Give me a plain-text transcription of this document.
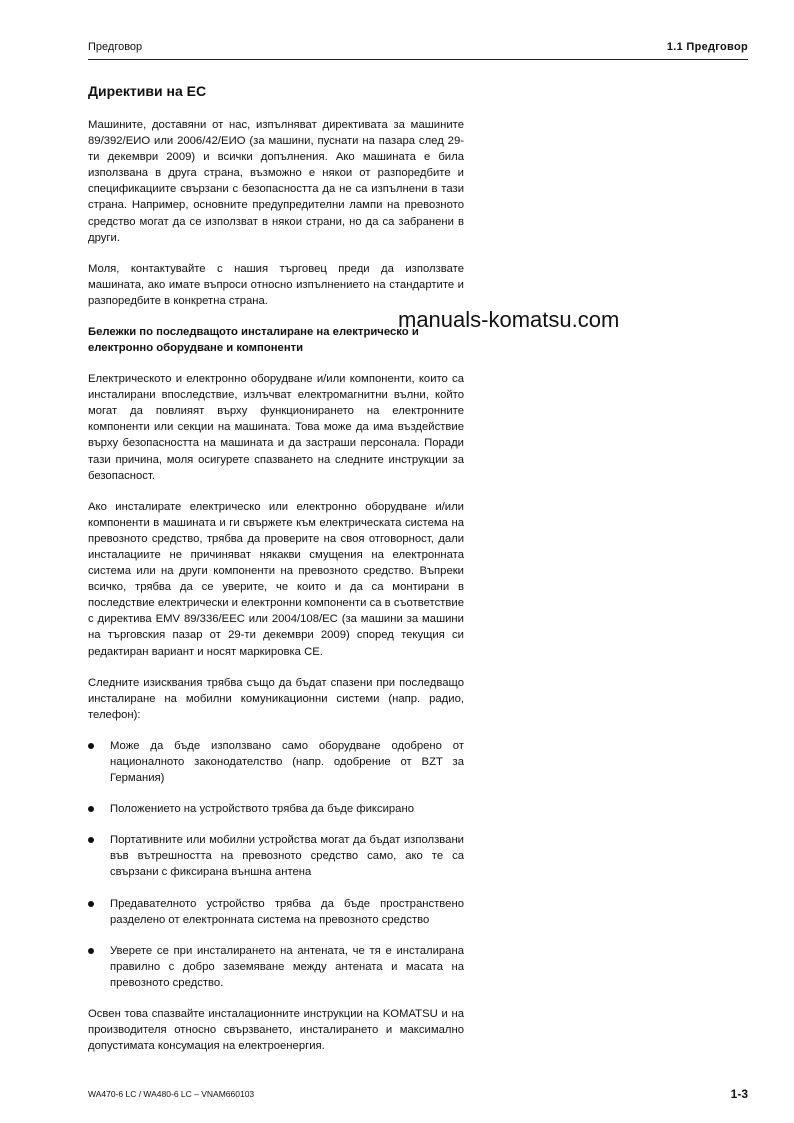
Предговор	1.1 Предговор
Директиви на ЕС

Машините, доставяни от нас, изпълняват директивата за машините 89/392/ЕИО или 2006/42/ЕИО (за машини, пуснати на пазара след 29-ти декември 2009) и всички допълнения. Ако машината е била използвана в друга страна, възможно е някои от разпоредбите и спецификациите свързани с безопасността да не са изпълнени в тази страна. Например, основните предупредителни лампи на превозното средство могат да се използват в някои страни, но да са забранени в други.

Моля, контактувайте с нашия търговец преди да използвате машината, ако имате въпроси относно изпълнението на стандартите и разпоредбите в конкретна страна.

Бележки по последващото инсталиране на електрическо и електронно оборудване и компоненти

Електрическото и електронно оборудване и/или компоненти, които са инсталирани впоследствие, излъчват електромагнитни вълни, който могат да повлияят върху функционирането на електронните компоненти или секции на машината. Това може да има въздействие върху безопасността на машината и да застраши персонала. Поради тази причина, моля осигурете спазването на следните инструкции за безопасност.

Ако инсталирате електрическо или електронно оборудване и/или компоненти в машината и ги свържете към електрическата система на превозното средство, трябва да проверите на своя отговорност, дали инсталациите не причиняват някакви смущения на електронната система или на други компоненти на превозното средство. Въпреки всичко, трябва да се уверите, че които и да са монтирани в последствие електрически и електронни компоненти са в съответствие с директива EMV 89/336/EEC или 2004/108/EC (за машини за машини на търговския пазар от 29-ти декември 2009) според текущия си редактиран вариант и носят маркировка CE.

Следните изисквания трябва също да бъдат спазени при последващо инсталиране на мобилни комуникационни системи (напр. радио, телефон):

Може да бъде използвано само оборудване одобрено от националното законодателство (напр. одобрение от BZT за Германия)
Положението на устройството трябва да бъде фиксирано
Портативните или мобилни устройства могат да бъдат използвани във вътрешността на превозното средство само, ако те са свързани с фиксирана външна антена
Предавателното устройство трябва да бъде пространствено разделено от електронната система на превозното средство
Уверете се при инсталирането на антената, че тя е инсталирана правилно с добро заземяване между антената и масата на превозното средство.

Освен това спазвайте инсталационните инструкции на KOMATSU и на производителя относно свързването, инсталирането и максимално допустимата консумация на електроенергия.

manuals-komatsu.com
WA470-6 LC / WA480-6 LC – VNAM660103	1-3
